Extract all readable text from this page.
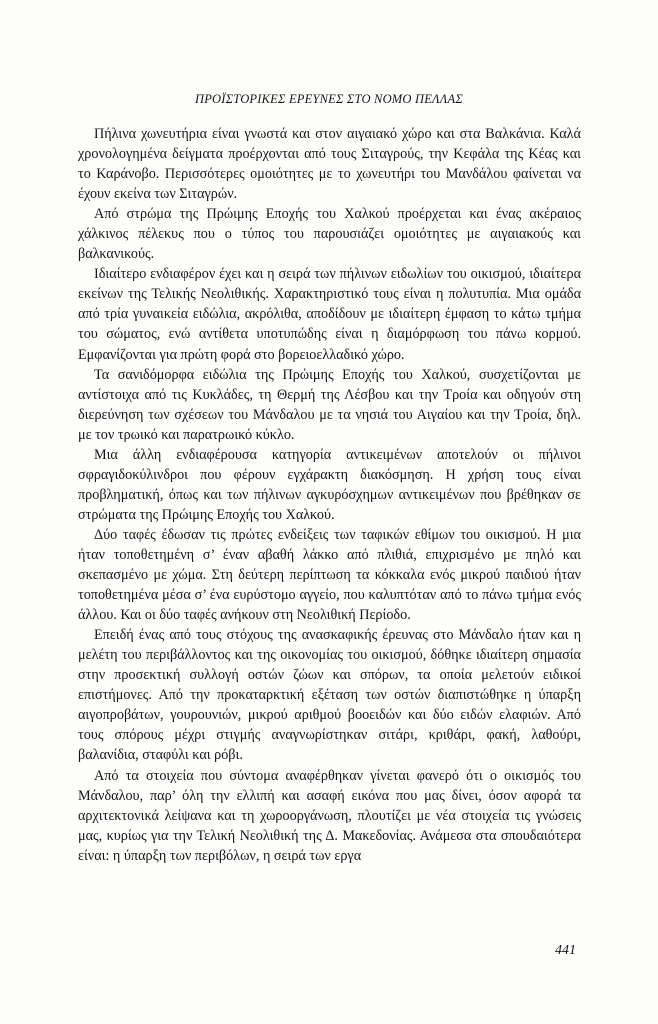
ΠΡΟΪΣΤΟΡΙΚΕΣ ΕΡΕΥΝΕΣ ΣΤΟ ΝΟΜΟ ΠΕΛΛΑΣ

Πήλινα χωνευτήρια είναι γνωστά και στον αιγαιακό χώρο και στα Βαλκάνια. Καλά χρονολογημένα δείγματα προέρχονται από τους Σιταγρούς, την Κεφάλα της Κέας και το Καράνοβο. Περισσότερες ομοιότητες με το χωνευτήρι του Μανδάλου φαίνεται να έχουν εκείνα των Σιταγρών.

Από στρώμα της Πρώιμης Εποχής του Χαλκού προέρχεται και ένας ακέραιος χάλκινος πέλεκυς που ο τύπος του παρουσιάζει ομοιότητες με αιγαιακούς και βαλκανικούς.

Ιδιαίτερο ενδιαφέρον έχει και η σειρά των πήλινων ειδωλίων του οικισμού, ιδιαίτερα εκείνων της Τελικής Νεολιθικής. Χαρακτηριστικό τους είναι η πολυτυπία. Μια ομάδα από τρία γυναικεία ειδώλια, ακρόλιθα, αποδίδουν με ιδιαίτερη έμφαση το κάτω τμήμα του σώματος, ενώ αντίθετα υποτυπώδης είναι η διαμόρφωση του πάνω κορμού. Εμφανίζονται για πρώτη φορά στο βορειοελλαδικό χώρο.

Τα σανιδόμορφα ειδώλια της Πρώιμης Εποχής του Χαλκού, συσχετίζονται με αντίστοιχα από τις Κυκλάδες, τη Θερμή της Λέσβου και την Τροία και οδηγούν στη διερεύνηση των σχέσεων του Μάνδαλου με τα νησιά του Αιγαίου και την Τροία, δηλ. με τον τρωικό και παρατρωικό κύκλο.

Μια άλλη ενδιαφέρουσα κατηγορία αντικειμένων αποτελούν οι πήλινοι σφραγιδοκύλινδροι που φέρουν εγχάρακτη διακόσμηση. Η χρήση τους είναι προβληματική, όπως και των πήλινων αγκυρόσχημων αντικειμένων που βρέθηκαν σε στρώματα της Πρώιμης Εποχής του Χαλκού.

Δύο ταφές έδωσαν τις πρώτες ενδείξεις των ταφικών εθίμων του οικισμού. Η μια ήταν τοποθετημένη σ’ έναν αβαθή λάκκο από πλιθιά, επιχρισμένο με πηλό και σκεπασμένο με χώμα. Στη δεύτερη περίπτωση τα κόκκαλα ενός μικρού παιδιού ήταν τοποθετημένα μέσα σ’ ένα ευρύστομο αγγείο, που καλυπτόταν από το πάνω τμήμα ενός άλλου. Και οι δύο ταφές ανήκουν στη Νεολιθική Περίοδο.

Επειδή ένας από τους στόχους της ανασκαφικής έρευνας στο Μάνδαλο ήταν και η μελέτη του περιβάλλοντος και της οικονομίας του οικισμού, δόθηκε ιδιαίτερη σημασία στην προσεκτική συλλογή οστών ζώων και σπόρων, τα οποία μελετούν ειδικοί επιστήμονες. Από την προκαταρκτική εξέταση των οστών διαπιστώθηκε η ύπαρξη αιγοπροβάτων, γουρουνιών, μικρού αριθμού βοοειδών και δύο ειδών ελαφιών. Από τους σπόρους μέχρι στιγμής αναγνωρίστηκαν σιτάρι, κριθάρι, φακή, λαθούρι, βαλανίδια, σταφύλι και ρόβι.

Από τα στοιχεία που σύντομα αναφέρθηκαν γίνεται φανερό ότι ο οικισμός του Μάνδαλου, παρ’ όλη την ελλιπή και ασαφή εικόνα που μας δίνει, όσον αφορά τα αρχιτεκτονικά λείψανα και τη χωροοργάνωση, πλουτίζει με νέα στοιχεία τις γνώσεις μας, κυρίως για την Τελική Νεολιθική της Δ. Μακεδονίας. Ανάμεσα στα σπουδαιότερα είναι: η ύπαρξη των περιβόλων, η σειρά των εργα

441
